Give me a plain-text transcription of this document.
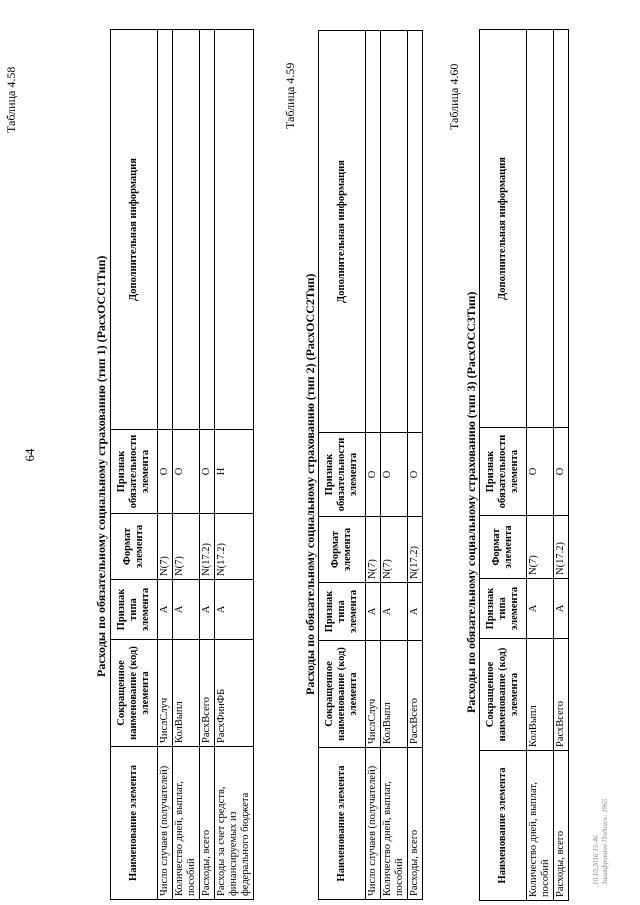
64
Таблица 4.58
Расходы по обязательному социальному страхованию (тип 1) (РасхОСС1Тип)
Наименование элемента	Сокращенное наименование (код) элемента	Признак типа элемента	Формат элемента	Признак обязательности элемента	Дополнительная информация
Число случаев (получателей)	ЧислСлуч	А	N(7)	О	
Количество дней, выплат, пособий	КолВыпл	А	N(7)	О	
Расходы, всего	РасхВсего	А	N(17.2)	О	
Расходы за счет средств, финансируемых из федерального бюджета	РасхФинФБ	А	N(17.2)	Н	
Таблица 4.59
Расходы по обязательному социальному страхованию (тип 2) (РасхОСС2Тип)
Наименование элемента	Сокращенное наименование (код) элемента	Признак типа элемента	Формат элемента	Признак обязательности элемента	Дополнительная информация
Число случаев (получателей)	ЧислСлуч	А	N(7)	О	
Количество дней, выплат, пособий	КолВыпл	А	N(7)	О	
Расходы, всего	РасхВсего	А	N(17.2)	О	
Таблица 4.60
Расходы по обязательному социальному страхованию (тип 3) (РасхОСС3Тип)
Наименование элемента	Сокращенное наименование (код) элемента	Признак типа элемента	Формат элемента	Признак обязательности элемента	Дополнительная информация
Количество дней, выплат, пособий	КолВыпл	А	N(7)	О	
Расходы, всего	РасхВсего	А	N(17.2)	О	
10.10.2016 15:46 Зашифровано Подпись: 1965
